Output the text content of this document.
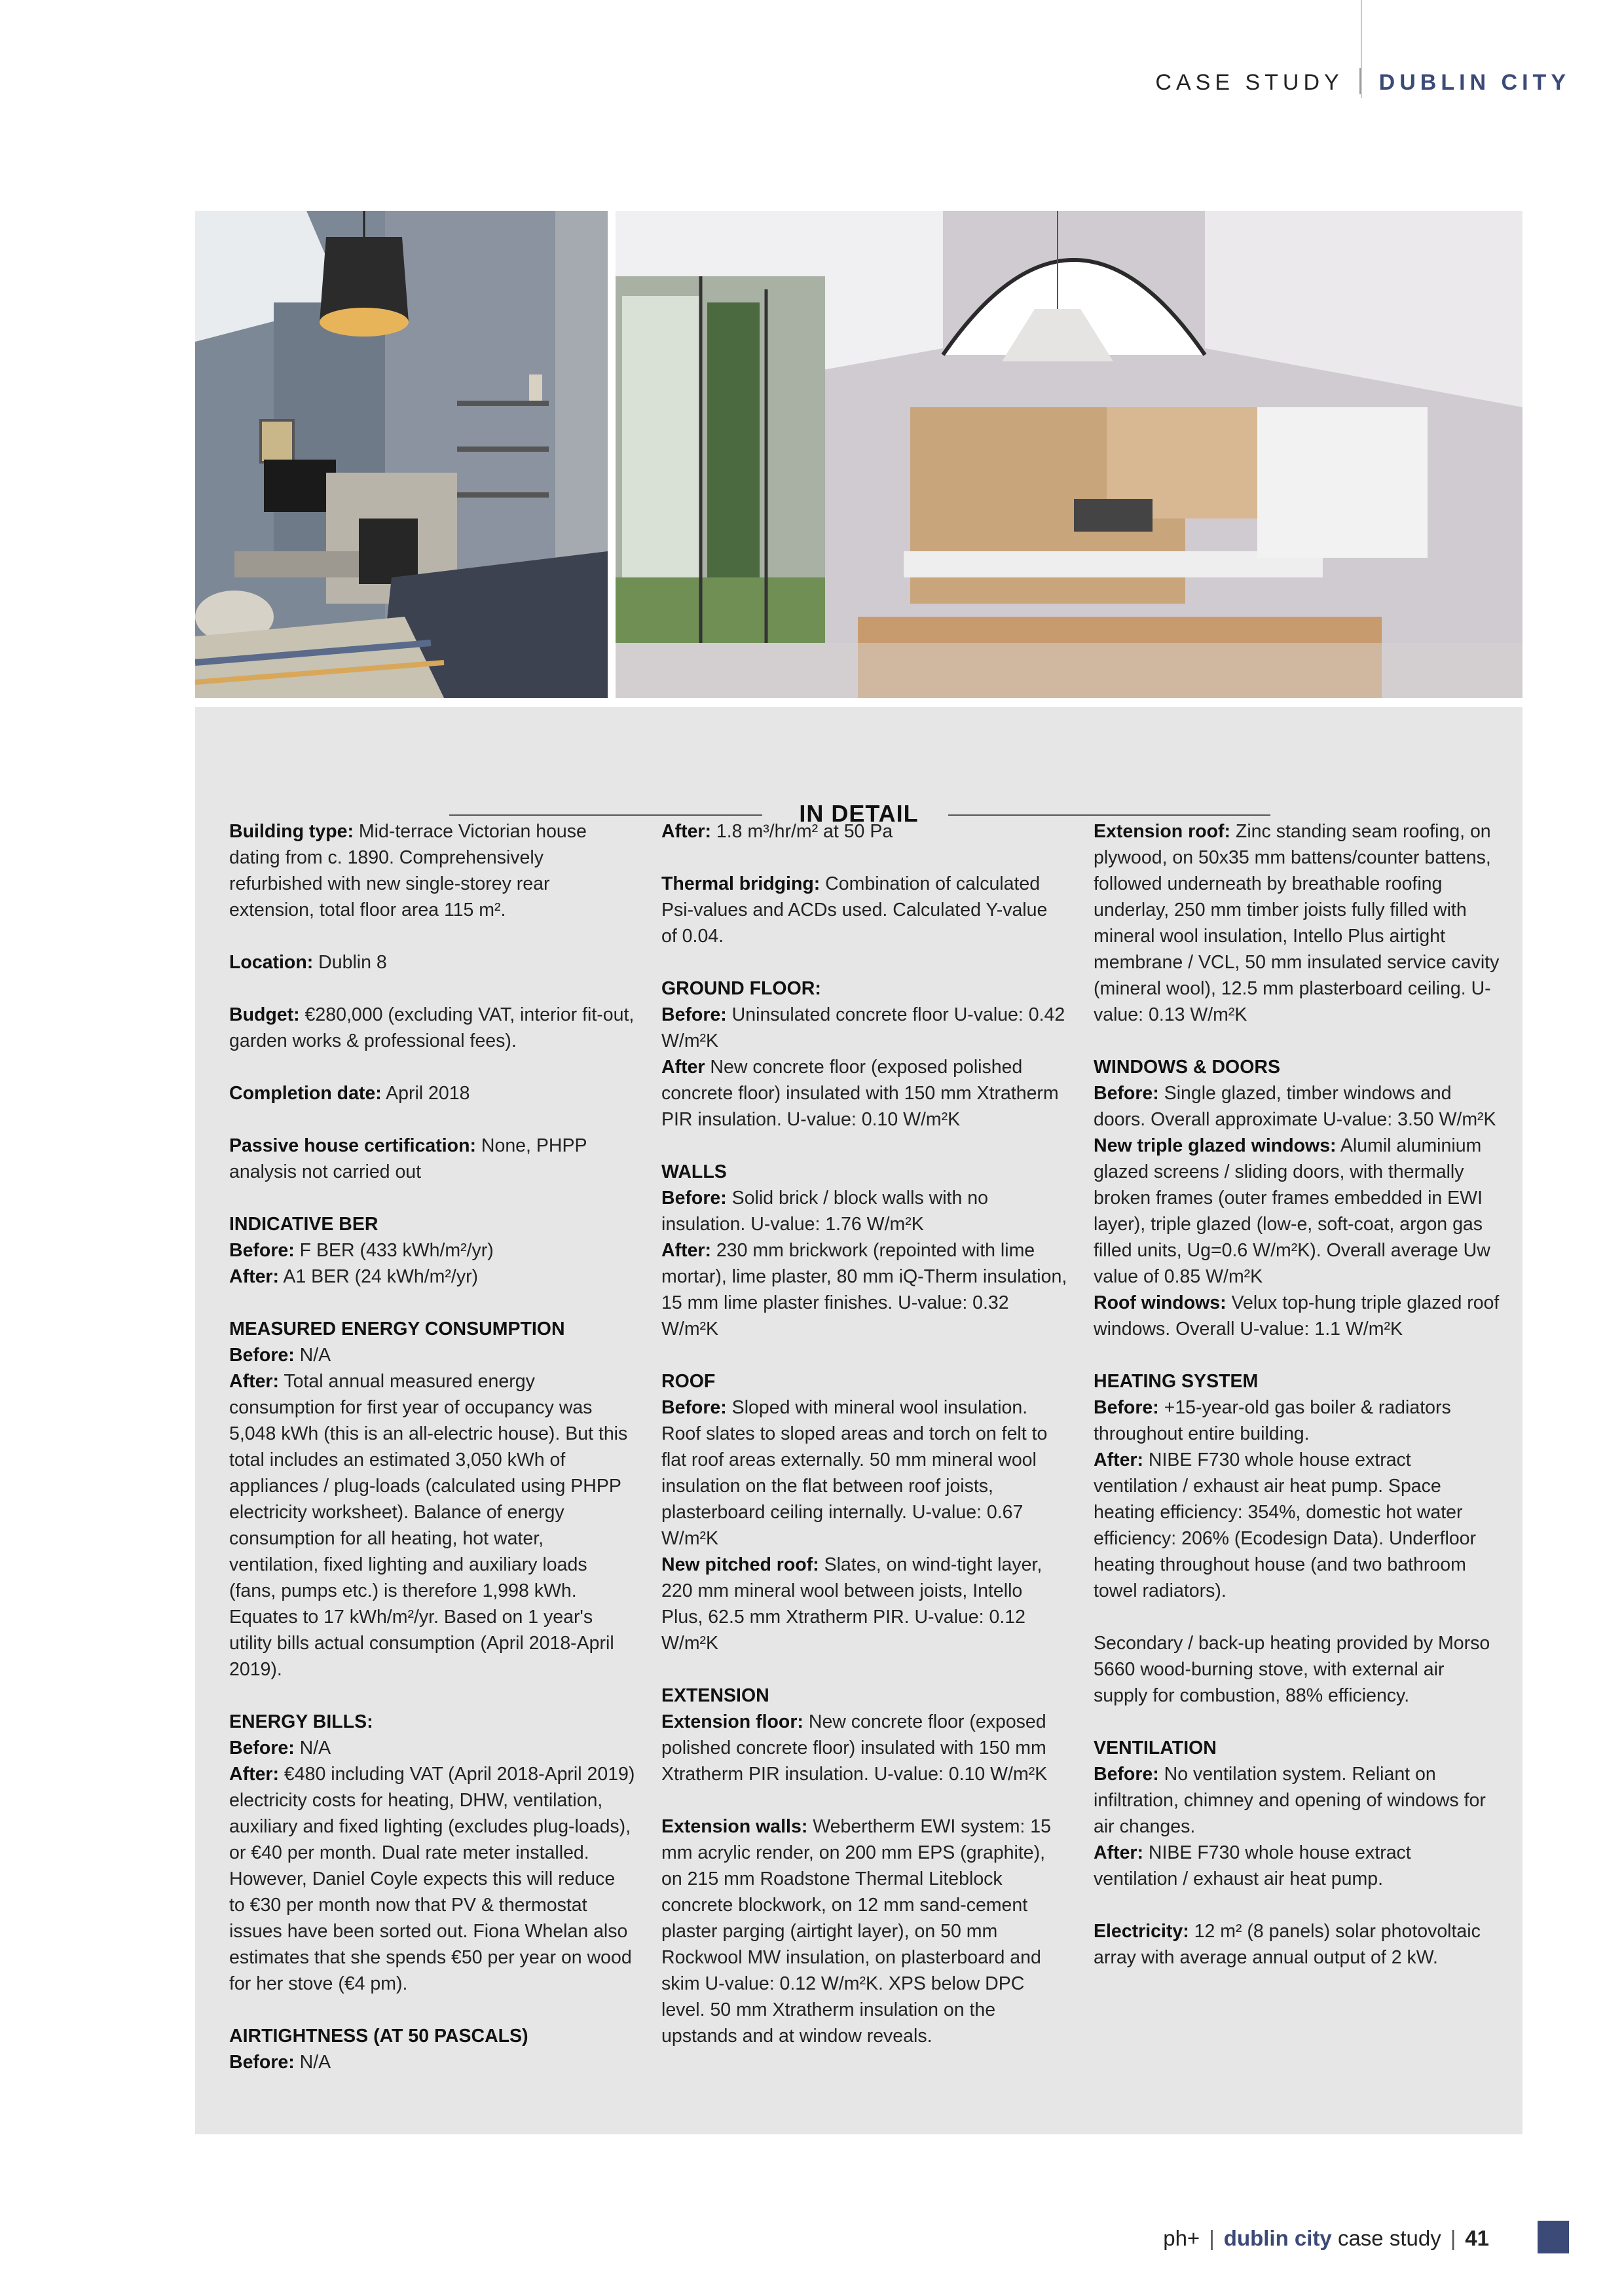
CASE STUDY DUBLIN CITY
IN DETAIL

Building type: Mid-terrace Victorian house dating from c. 1890. Comprehensively refurbished with new single-storey rear extension, total floor area 115 m².

Location: Dublin 8

Budget: €280,000 (excluding VAT, interior fit-out, garden works & professional fees).

Completion date: April 2018

Passive house certification: None, PHPP analysis not carried out

INDICATIVE BER

Before: F BER (433 kWh/m²/yr)

After: A1 BER (24 kWh/m²/yr)

MEASURED ENERGY CONSUMPTION

Before: N/A

After: Total annual measured energy consumption for first year of occupancy was 5,048 kWh (this is an all-electric house). But this total includes an estimated 3,050 kWh of appliances / plug-loads (calculated using PHPP electricity worksheet). Balance of energy consumption for all heating, hot water, ventilation, fixed lighting and auxiliary loads (fans, pumps etc.) is therefore 1,998 kWh. Equates to 17 kWh/m²/yr. Based on 1 year's utility bills actual consumption (April 2018-April 2019).

ENERGY BILLS:

Before: N/A

After: €480 including VAT (April 2018-April 2019) electricity costs for heating, DHW, ventilation, auxiliary and fixed lighting (excludes plug-loads), or €40 per month. Dual rate meter installed. However, Daniel Coyle expects this will reduce to €30 per month now that PV & thermostat issues have been sorted out. Fiona Whelan also estimates that she spends €50 per year on wood for her stove (€4 pm).

AIRTIGHTNESS (AT 50 PASCALS)

Before: N/A

After: 1.8 m³/hr/m² at 50 Pa

Thermal bridging: Combination of calculated Psi-values and ACDs used. Calculated Y-value of 0.04.

GROUND FLOOR:

Before: Uninsulated concrete floor U-value: 0.42 W/m²K

After New concrete floor (exposed polished concrete floor) insulated with 150 mm Xtratherm PIR insulation. U-value: 0.10 W/m²K

WALLS

Before: Solid brick / block walls with no insulation. U-value: 1.76 W/m²K

After: 230 mm brickwork (repointed with lime mortar), lime plaster, 80 mm iQ-Therm insulation, 15 mm lime plaster finishes. U-value: 0.32 W/m²K

ROOF

Before: Sloped with mineral wool insulation. Roof slates to sloped areas and torch on felt to flat roof areas externally. 50 mm mineral wool insulation on the flat between roof joists, plasterboard ceiling internally. U-value: 0.67 W/m²K

New pitched roof: Slates, on wind-tight layer, 220 mm mineral wool between joists, Intello Plus, 62.5 mm Xtratherm PIR. U-value: 0.12 W/m²K

EXTENSION

Extension floor: New concrete floor (exposed polished concrete floor) insulated with 150 mm Xtratherm PIR insulation. U-value: 0.10 W/m²K

Extension walls: Webertherm EWI system: 15 mm acrylic render, on 200 mm EPS (graphite), on 215 mm Roadstone Thermal Liteblock concrete blockwork, on 12 mm sand-cement plaster parging (airtight layer), on 50 mm Rockwool MW insulation, on plasterboard and skim U-value: 0.12 W/m²K. XPS below DPC level. 50 mm Xtratherm insulation on the upstands and at window reveals.

Extension roof: Zinc standing seam roofing, on plywood, on 50x35 mm battens/counter battens, followed underneath by breathable roofing underlay, 250 mm timber joists fully filled with mineral wool insulation, Intello Plus airtight membrane / VCL, 50 mm insulated service cavity (mineral wool), 12.5 mm plasterboard ceiling. U-value: 0.13 W/m²K

WINDOWS & DOORS

Before: Single glazed, timber windows and doors. Overall approximate U-value: 3.50 W/m²K

New triple glazed windows: Alumil aluminium glazed screens / sliding doors, with thermally broken frames (outer frames embedded in EWI layer), triple glazed (low-e, soft-coat, argon gas filled units, Ug=0.6 W/m²K). Overall average Uw value of 0.85 W/m²K

Roof windows: Velux top-hung triple glazed roof windows. Overall U-value: 1.1 W/m²K

HEATING SYSTEM

Before: +15-year-old gas boiler & radiators throughout entire building.

After: NIBE F730 whole house extract ventilation / exhaust air heat pump. Space heating efficiency: 354%, domestic hot water efficiency: 206% (Ecodesign Data). Underfloor heating throughout house (and two bathroom towel radiators).

Secondary / back-up heating provided by Morso 5660 wood-burning stove, with external air supply for combustion, 88% efficiency.

VENTILATION

Before: No ventilation system. Reliant on infiltration, chimney and opening of windows for air changes.

After: NIBE F730 whole house extract ventilation / exhaust air heat pump.

Electricity: 12 m² (8 panels) solar photovoltaic array with average annual output of 2 kW.

ph+ | dublin city case study | 41
